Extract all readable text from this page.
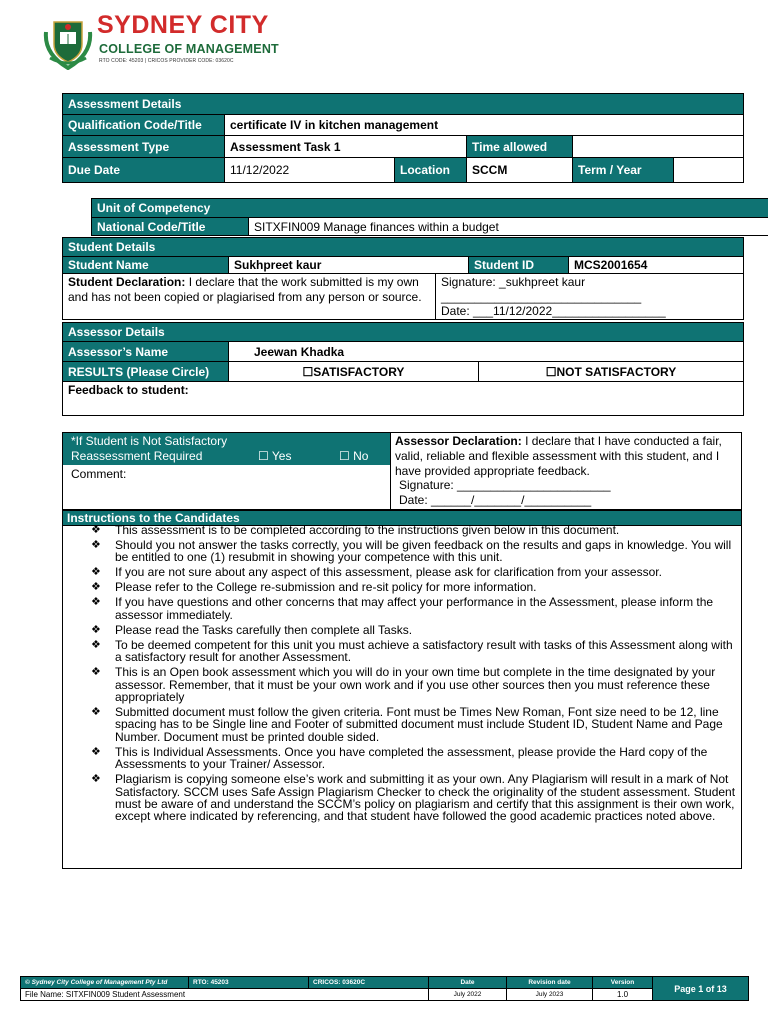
SYDNEY CITY
COLLEGE OF MANAGEMENT
RTO CODE: 45203 | CRICOS PROVIDER CODE: 03620C
Assessment Details					
Qualification Code/Title	certificate IV in kitchen management				
Assessment Type	Assessment Task 1		Time allowed		
Due Date	11/12/2022	Location	SCCM	Term / Year	
Unit of Competency
National Code/Title	SITXFIN009 Manage finances within a budget
Student Details				
Student Name	Sukhpreet kaur		Student ID	MCS2001654
Student Declaration: I declare that the work submitted is my own and has not been copied or plagiarised from any person or source.		Signature: _sukhpreet kaur ______________________________
Date: ___11/12/2022_________________		
Assessor Details		
Assessor’s Name	Jeewan Khadka	
RESULTS (Please Circle)	☐SATISFACTORY	☐NOT SATISFACTORY
Feedback to student:		
*If Student is Not Satisfactory
Reassessment Required	☐ Yes	☐ No
Comment:
	Assessor Declaration: I declare that I have conducted a fair, valid, reliable and flexible assessment with this student, and I have provided appropriate feedback.
Signature: _______________________
Date: ______/_______/__________
Instructions to the Candidates
❖ This assessment is to be completed according to the instructions given below in this document.
❖ Should you not answer the tasks correctly, you will be given feedback on the results and gaps in knowledge. You will be entitled to one (1) resubmit in showing your competence with this unit.
❖ If you are not sure about any aspect of this assessment, please ask for clarification from your assessor.
❖ Please refer to the College re-submission and re-sit policy for more information.
❖ If you have questions and other concerns that may affect your performance in the Assessment, please inform the assessor immediately.
❖ Please read the Tasks carefully then complete all Tasks.
❖ To be deemed competent for this unit you must achieve a satisfactory result with tasks of this Assessment along with a satisfactory result for another Assessment.
❖ This is an Open book assessment which you will do in your own time but complete in the time designated by your assessor. Remember, that it must be your own work and if you use other sources then you must reference these appropriately
❖ Submitted document must follow the given criteria. Font must be Times New Roman, Font size need to be 12, line spacing has to be Single line and Footer of submitted document must include Student ID, Student Name and Page Number. Document must be printed double sided.
❖ This is Individual Assessments. Once you have completed the assessment, please provide the Hard copy of the Assessments to your Trainer/ Assessor.
❖ Plagiarism is copying someone else’s work and submitting it as your own. Any Plagiarism will result in a mark of Not Satisfactory. SCCM uses Safe Assign Plagiarism Checker to check the originality of the student assessment. Student must be aware of and understand the SCCM’s policy on plagiarism and certify that this assignment is their own work, except where indicated by referencing, and that student have followed the good academic practices noted above.
© Sydney City College of Management Pty Ltd	RTO: 45203	CRICOS: 03620C	Date	Revision date	Version	Page 1 of 13
File Name: SITXFIN009 Student Assessment			July 2022	July 2023	1.0	
